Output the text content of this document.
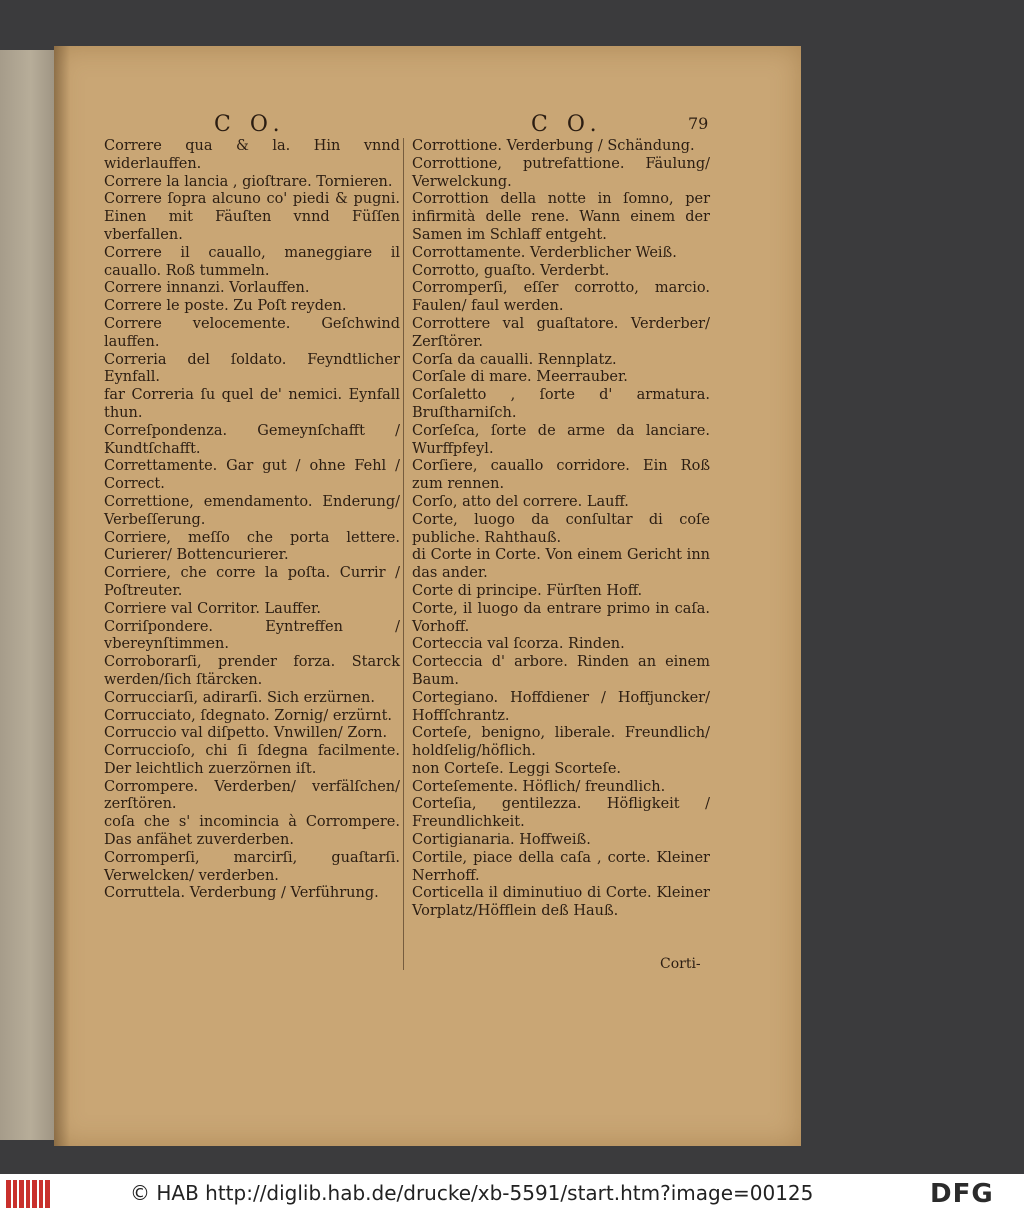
C O.	C O.	79

Correre qua & la. Hin vnnd widerlauffen.

Correre la lancia , gioſtrare. Tornieren.

Correre ſopra alcuno co' piedi & pugni. Einen mit Fäuſten vnnd Füſſen vberfallen.

Correre il cauallo, maneggiare il cauallo. Roß tummeln.

Correre innanzi. Vorlauffen.

Correre le poste. Zu Poſt reyden.

Correre velocemente. Geſchwind lauffen.

Correria del ſoldato. Feyndtlicher Eynfall.

far Correria ſu quel de' nemici. Eynfall thun.

Correſpondenza. Gemeynſchafft / Kundtſchafft.

Correttamente. Gar gut / ohne Fehl / Correct.

Correttione, emendamento. Enderung/ Verbeſſerung.

Corriere, meſſo che porta lettere. Curierer/ Bottencurierer.

Corriere, che corre la poſta. Currir / Poſtreuter.

Corriere val Corritor. Lauffer.

Corriſpondere. Eyntreffen / vbereynſtimmen.

Corroborarſi, prender forza. Starck werden/ſich ſtärcken.

Corrucciarſi, adirarſi. Sich erzürnen.

Corrucciato, ſdegnato. Zornig/ erzürnt.

Corruccio val diſpetto. Vnwillen/ Zorn.

Corruccioſo, chi ſi ſdegna facilmente. Der leichtlich zuerzörnen iſt.

Corrompere. Verderben/ verfälſchen/ zerſtören.

coſa che s' incomincia à Corrompere. Das anfähet zuverderben.

Corromperſi, marcirſi, guaſtarſi. Verwelcken/ verderben.

Corruttela. Verderbung / Verführung.

Corrottione. Verderbung / Schändung.

Corrottione, putrefattione. Fäulung/ Verwelckung.

Corrottion della notte in ſomno, per infirmità delle rene. Wann einem der Samen im Schlaff entgeht.

Corrottamente. Verderblicher Weiß.

Corrotto, guaſto. Verderbt.

Corromperſi, eſſer corrotto, marcio. Faulen/ faul werden.

Corrottere val guaſtatore. Verderber/ Zerſtörer.

Corſa da caualli. Rennplatz.

Corſale di mare. Meerrauber.

Corſaletto , ſorte d' armatura. Bruſtharniſch.

Corſeſca, ſorte de arme da lanciare. Wurffpfeyl.

Corſiere, cauallo corridore. Ein Roß zum rennen.

Corſo, atto del correre. Lauff.

Corte, luogo da conſultar di coſe publiche. Rahthauß.

di Corte in Corte. Von einem Gericht inn das ander.

Corte di principe. Fürſten Hoff.

Corte, il luogo da entrare primo in caſa. Vorhoff.

Corteccia val ſcorza. Rinden.

Corteccia d' arbore. Rinden an einem Baum.

Cortegiano. Hoffdiener / Hoffjuncker/ Hoffſchrantz.

Corteſe, benigno, liberale. Freundlich/ holdſelig/höflich.

non Corteſe. Leggi Scorteſe.

Corteſemente. Höflich/ freundlich.

Corteſia, gentilezza. Höfligkeit / Freundlichkeit.

Cortigianaria. Hoffweiß.

Cortile, piace della caſa , corte. Kleiner Nerrhoff.

Corticella il diminutiuo di Corte. Kleiner Vorplatz/Höfflein deß Hauß.

Corti-
© HAB http://diglib.hab.de/drucke/xb-5591/start.htm?image=00125	DFG
